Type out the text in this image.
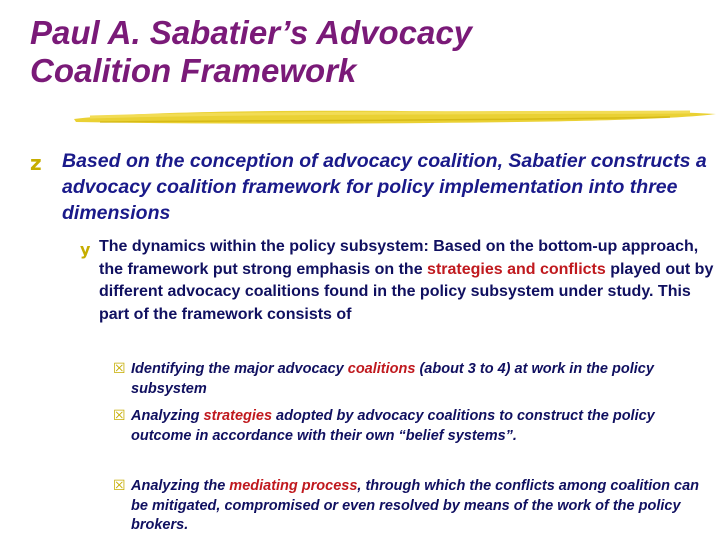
Paul A. Sabatier’s Advocacy
Coalition Framework
z Based on the conception of advocacy coalition, Sabatier constructs a advocacy coalition framework for policy implementation into three dimensions

y The dynamics within the policy subsystem: Based on the bottom-up approach, the framework put strong emphasis on the strategies and conflicts played out by different advocacy coalitions found in the policy subsystem under study. This part of the framework consists of

☒ Identifying the major advocacy coalitions (about 3 to 4) at work in the policy subsystem

☒ Analyzing strategies adopted by advocacy coalitions to construct the policy outcome in accordance with their own “belief systems”.

☒ Analyzing the mediating process, through which the conflicts among coalition can be mitigated, compromised or even resolved by means of the work of the policy brokers.
